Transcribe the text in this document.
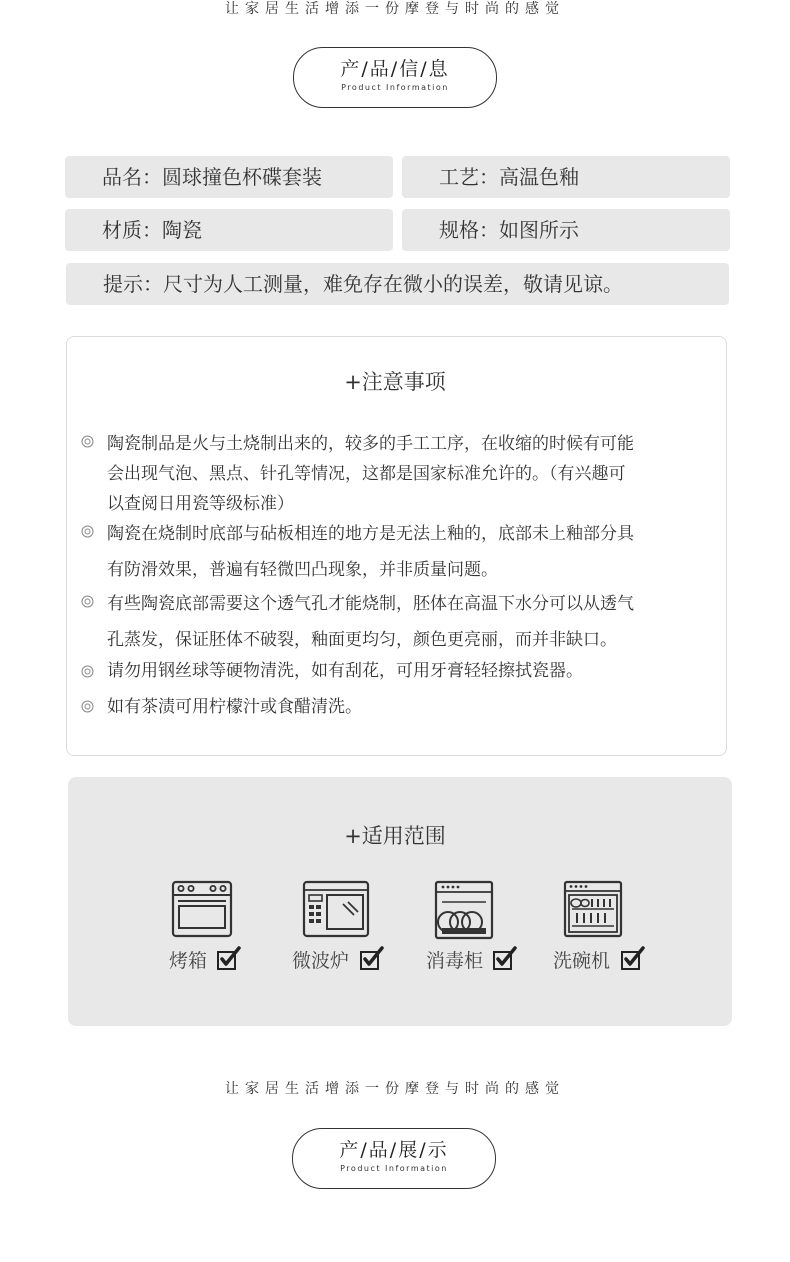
让家居生活增添一份摩登与时尚的感觉
产/品/信/息
Product Information
品名：圆球撞色杯碟套装	工艺：高温色釉
材质：陶瓷	规格：如图所示
提示：尺寸为人工测量，难免存在微小的误差，敬请见谅。
+注意事项
陶瓷制品是火与土烧制出来的，较多的手工工序，在收缩的时候有可能
会出现气泡、黑点、针孔等情况，这都是国家标准允许的。（有兴趣可
以查阅日用瓷等级标准）
陶瓷在烧制时底部与砧板相连的地方是无法上釉的，底部未上釉部分具
有防滑效果，普遍有轻微凹凸现象，并非质量问题。
有些陶瓷底部需要这个透气孔才能烧制，胚体在高温下水分可以从透气
孔蒸发，保证胚体不破裂，釉面更均匀，颜色更亮丽，而并非缺口。
请勿用钢丝球等硬物清洗，如有刮花，可用牙膏轻轻擦拭瓷器。
如有茶渍可用柠檬汁或食醋清洗。
+适用范围
烤箱	微波炉	消毒柜	洗碗机
让家居生活增添一份摩登与时尚的感觉
产/品/展/示
Product Information
